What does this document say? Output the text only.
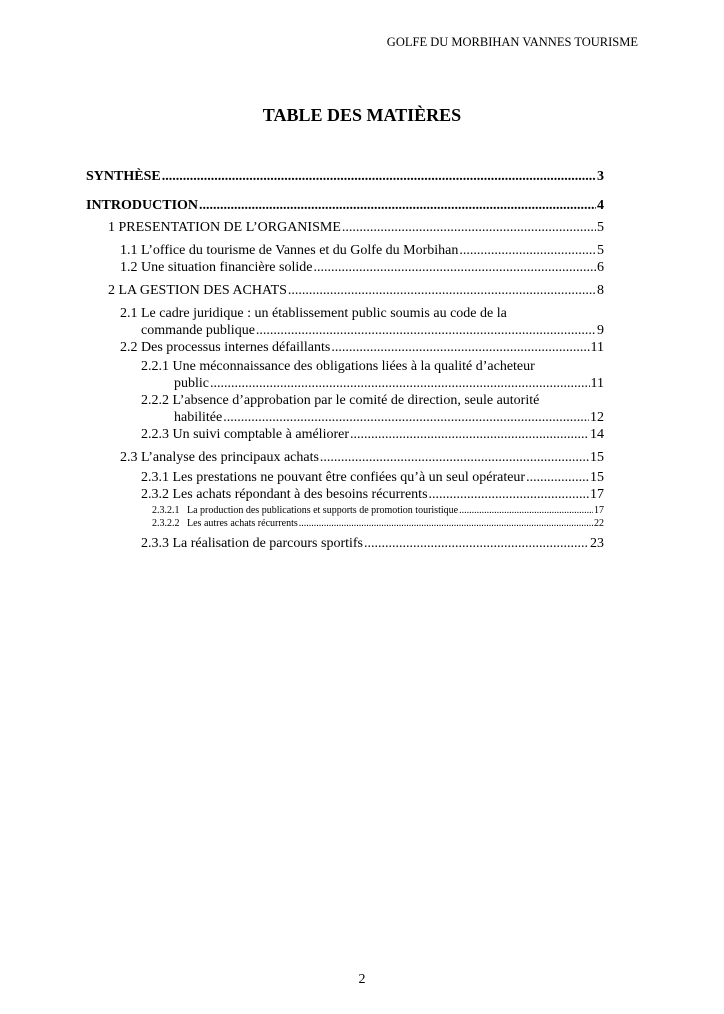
GOLFE DU MORBIHAN VANNES TOURISME
TABLE DES MATIÈRES
SYNTHÈSE .....	3
INTRODUCTION .....	4
1 PRESENTATION DE L’ORGANISME .....	5
1.1 L’office du tourisme de Vannes et du Golfe du Morbihan .....	5
1.2 Une situation financière solide .....	6
2 LA GESTION DES ACHATS .....	8
2.1 Le cadre juridique : un établissement public soumis au code de la
commande publique .....	9
2.2 Des processus internes défaillants .....	11
2.2.1 Une méconnaissance des obligations liées à la qualité d’acheteur
public .....	11
2.2.2 L’absence d’approbation par le comité de direction, seule autorité
habilitée .....	12
2.2.3 Un suivi comptable à améliorer .....	14
2.3 L’analyse des principaux achats .....	15
2.3.1 Les prestations ne pouvant être confiées qu’à un seul opérateur .....	15
2.3.2 Les achats répondant à des besoins récurrents .....	17
2.3.2.1   La production des publications et supports de promotion touristique .....	17
2.3.2.2   Les autres achats récurrents .....	22
2.3.3 La réalisation de parcours sportifs .....	23
2
